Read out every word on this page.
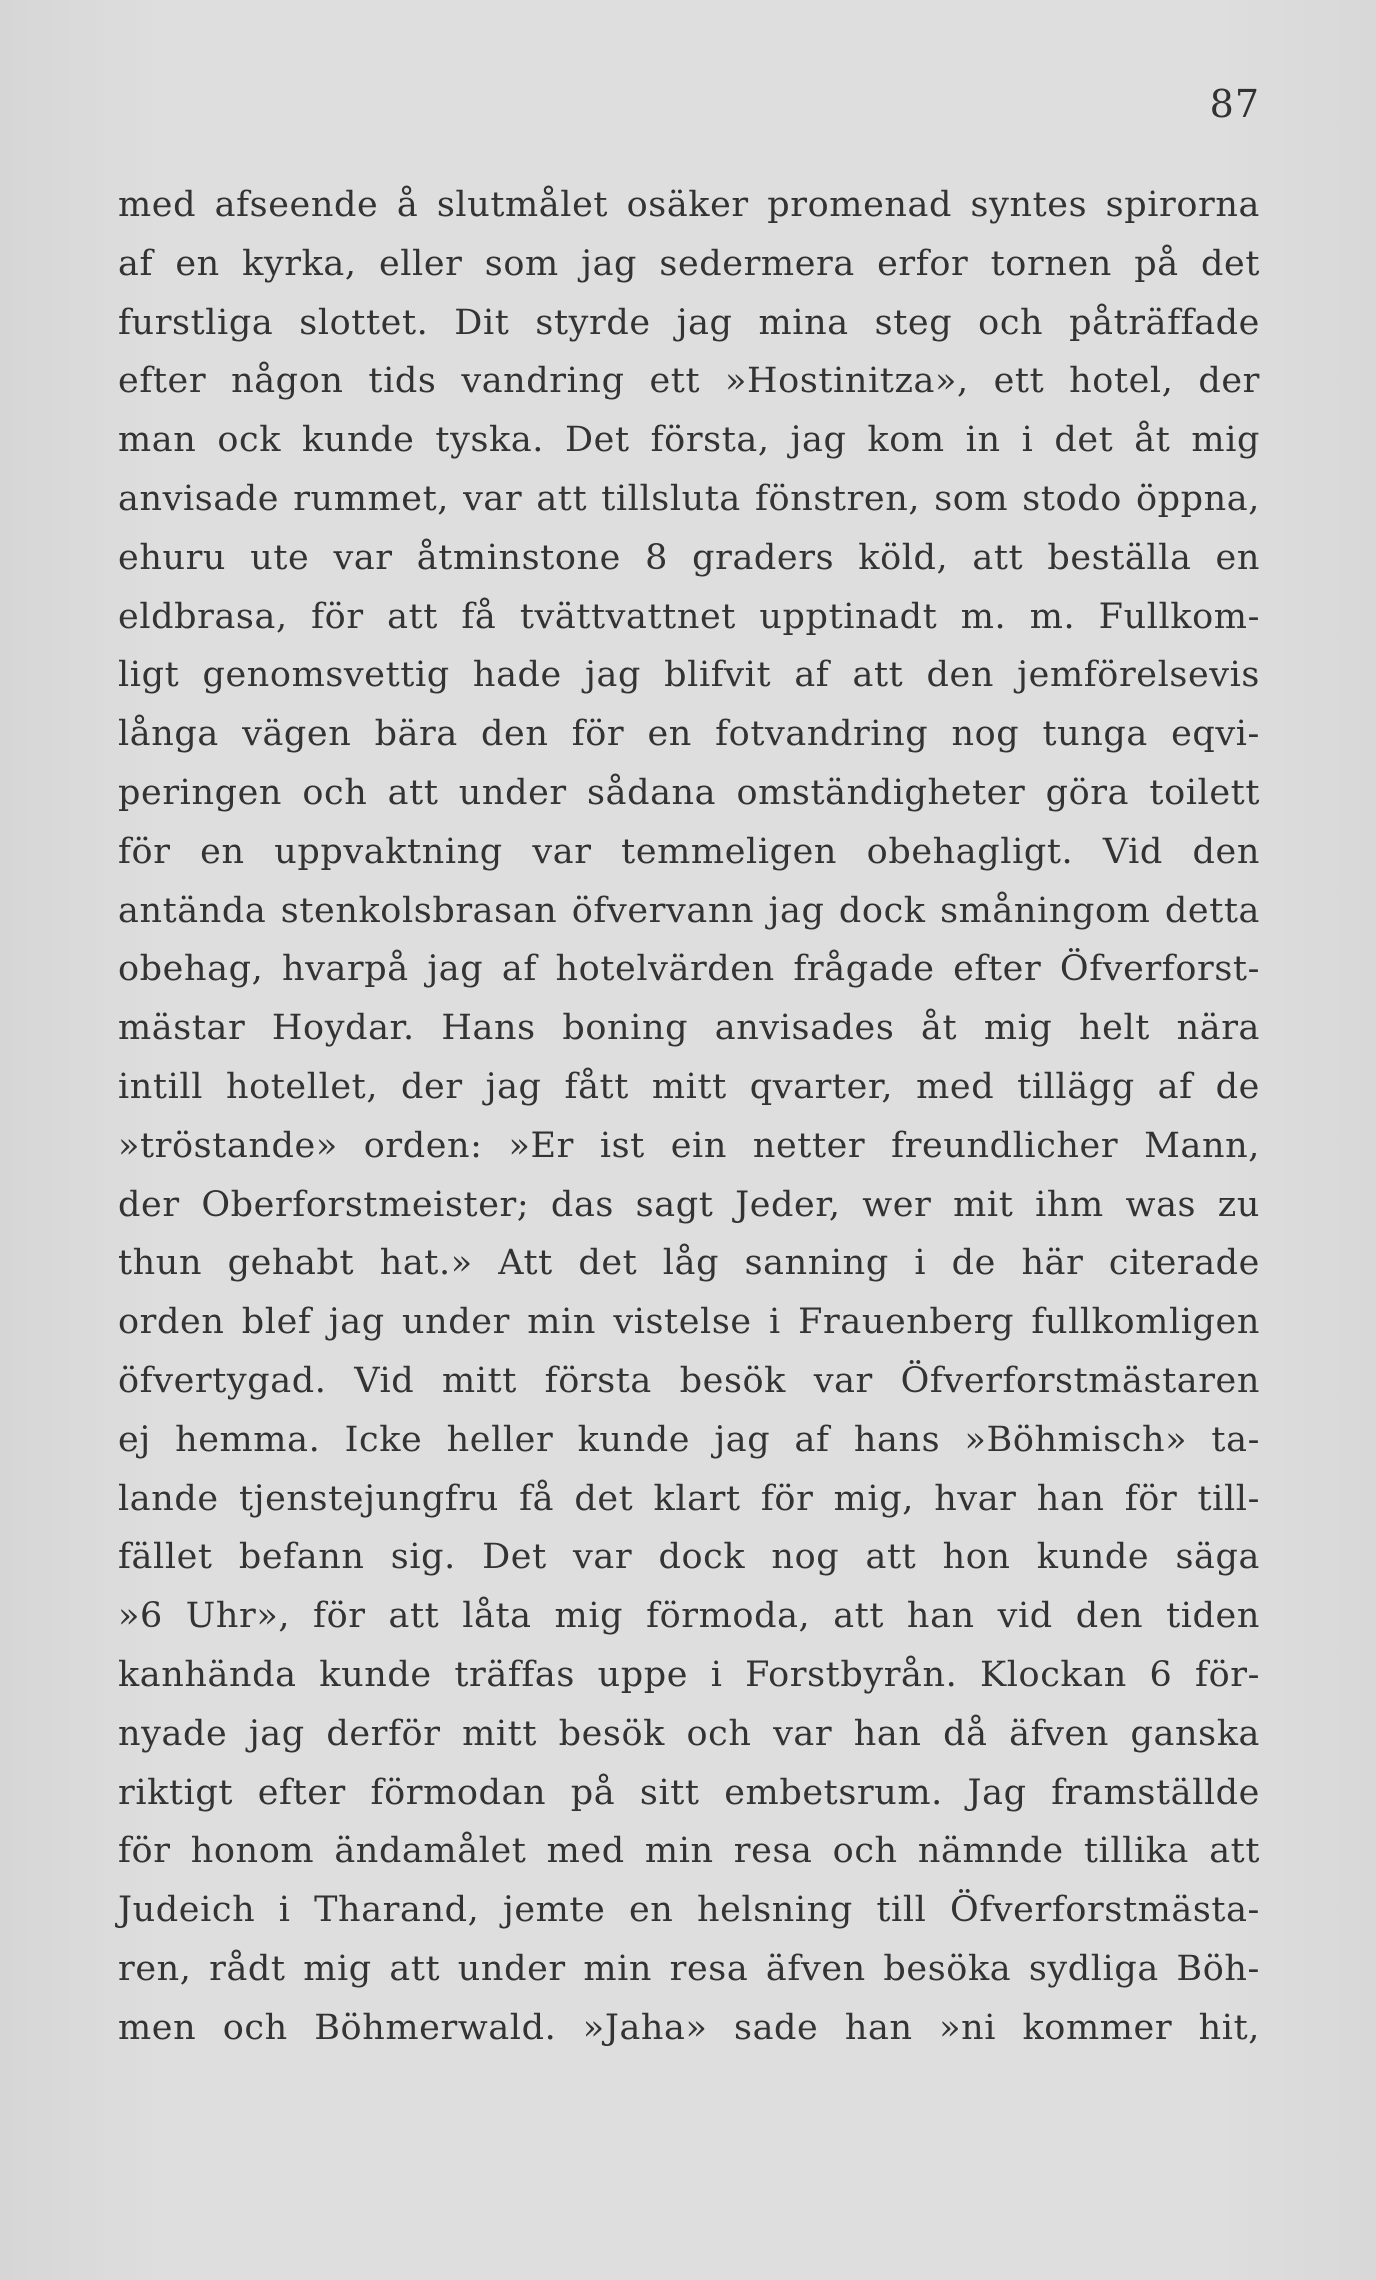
87
med afseende å slutmålet osäker promenad syntes spirorna
af en kyrka, eller som jag sedermera erfor tornen på det
furstliga slottet. Dit styrde jag mina steg och påträffade
efter någon tids vandring ett »Hostinitza», ett hotel, der
man ock kunde tyska. Det första, jag kom in i det åt mig
anvisade rummet, var att tillsluta fönstren, som stodo öppna,
ehuru ute var åtminstone 8 graders köld, att beställa en
eldbrasa, för att få tvättvattnet upptinadt m. m. Fullkom-
ligt genomsvettig hade jag blifvit af att den jemförelsevis
långa vägen bära den för en fotvandring nog tunga eqvi-
peringen och att under sådana omständigheter göra toilett
för en uppvaktning var temmeligen obehagligt. Vid den
antända stenkolsbrasan öfvervann jag dock småningom detta
obehag, hvarpå jag af hotelvärden frågade efter Öfverforst-
mästar Hoydar. Hans boning anvisades åt mig helt nära
intill hotellet, der jag fått mitt qvarter, med tillägg af de
»tröstande» orden: »Er ist ein netter freundlicher Mann,
der Oberforstmeister; das sagt Jeder, wer mit ihm was zu
thun gehabt hat.» Att det låg sanning i de här citerade
orden blef jag under min vistelse i Frauenberg fullkomligen
öfvertygad. Vid mitt första besök var Öfverforstmästaren
ej hemma. Icke heller kunde jag af hans »Böhmisch» ta-
lande tjenstejungfru få det klart för mig, hvar han för till-
fället befann sig. Det var dock nog att hon kunde säga
»6 Uhr», för att låta mig förmoda, att han vid den tiden
kanhända kunde träffas uppe i Forstbyrån. Klockan 6 för-
nyade jag derför mitt besök och var han då äfven ganska
riktigt efter förmodan på sitt embetsrum. Jag framställde
för honom ändamålet med min resa och nämnde tillika att
Judeich i Tharand, jemte en helsning till Öfverforstmästa-
ren, rådt mig att under min resa äfven besöka sydliga Böh-
men och Böhmerwald. »Jaha» sade han »ni kommer hit,
